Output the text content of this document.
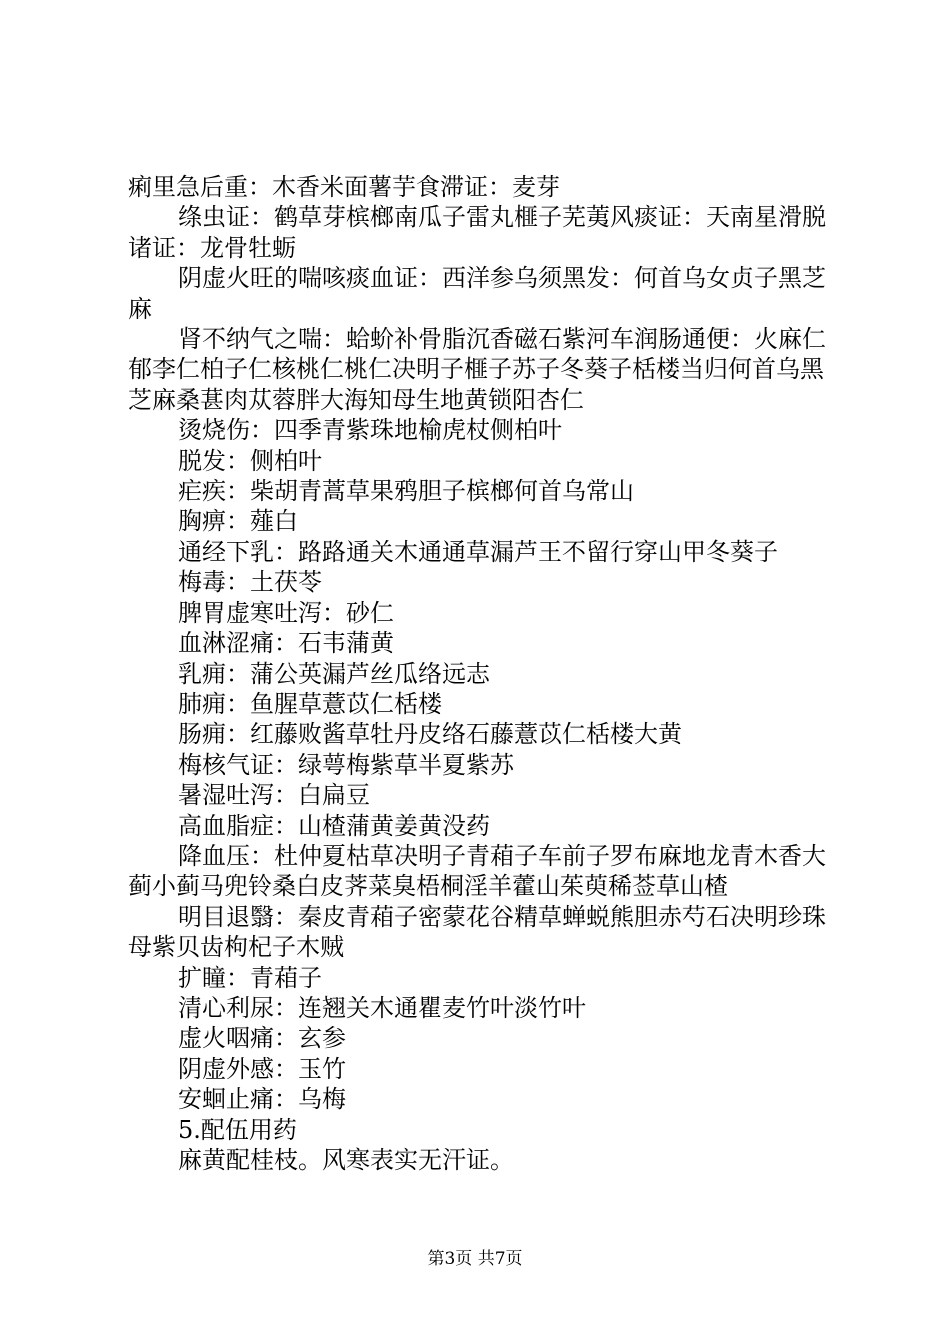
痢里急后重：木香米面薯芋食滞证：麦芽

绦虫证：鹤草芽槟榔南瓜子雷丸榧子芜荑风痰证：天南星滑脱诸证：龙骨牡蛎

阴虚火旺的喘咳痰血证：西洋参乌须黑发：何首乌女贞子黑芝麻

肾不纳气之喘：蛤蚧补骨脂沉香磁石紫河车润肠通便：火麻仁郁李仁柏子仁核桃仁桃仁决明子榧子苏子冬葵子栝楼当归何首乌黑芝麻桑葚肉苁蓉胖大海知母生地黄锁阳杏仁

烫烧伤：四季青紫珠地榆虎杖侧柏叶

脱发：侧柏叶

疟疾：柴胡青蒿草果鸦胆子槟榔何首乌常山

胸痹：薤白

通经下乳：路路通关木通通草漏芦王不留行穿山甲冬葵子

梅毒：土茯苓

脾胃虚寒吐泻：砂仁

血淋涩痛：石韦蒲黄

乳痈：蒲公英漏芦丝瓜络远志

肺痈：鱼腥草薏苡仁栝楼

肠痈：红藤败酱草牡丹皮络石藤薏苡仁栝楼大黄

梅核气证：绿萼梅紫草半夏紫苏

暑湿吐泻：白扁豆

高血脂症：山楂蒲黄姜黄没药

降血压：杜仲夏枯草决明子青葙子车前子罗布麻地龙青木香大蓟小蓟马兜铃桑白皮荠菜臭梧桐淫羊藿山茱萸稀莶草山楂

明目退翳：秦皮青葙子密蒙花谷精草蝉蜕熊胆赤芍石决明珍珠母紫贝齿枸杞子木贼

扩瞳：青葙子

清心利尿：连翘关木通瞿麦竹叶淡竹叶

虚火咽痛：玄参

阴虚外感：玉竹

安蛔止痛：乌梅

5.配伍用药

麻黄配桂枝。风寒表实无汗证。

第3页 共7页
